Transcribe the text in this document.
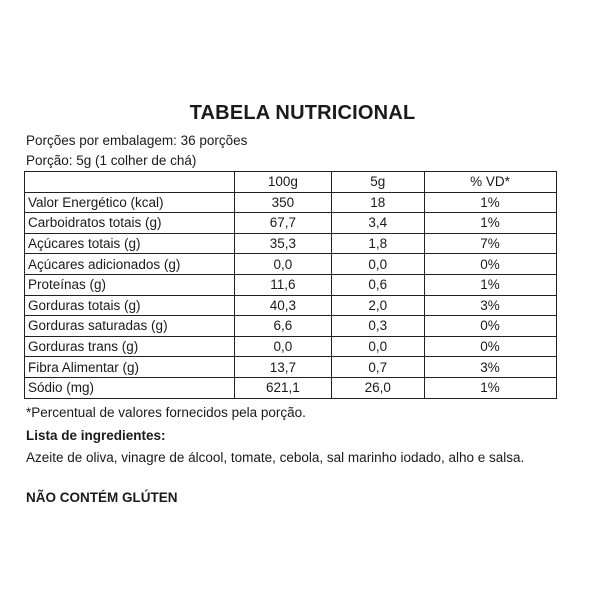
TABELA NUTRICIONAL
Porções por embalagem: 36 porções
Porção: 5g (1 colher de chá)
	100g	5g	% VD*
Valor Energético (kcal)	350	18	1%
Carboidratos totais (g)	67,7	3,4	1%
Açúcares totais (g)	35,3	1,8	7%
Açúcares adicionados (g)	0,0	0,0	0%
Proteínas (g)	11,6	0,6	1%
Gorduras totais (g)	40,3	2,0	3%
Gorduras saturadas (g)	6,6	0,3	0%
Gorduras trans (g)	0,0	0,0	0%
Fibra Alimentar (g)	13,7	0,7	3%
Sódio (mg)	621,1	26,0	1%
*Percentual de valores fornecidos pela porção.
Lista de ingredientes:
Azeite de oliva, vinagre de álcool, tomate, cebola, sal marinho iodado, alho e salsa.
NÃO CONTÉM GLÚTEN
